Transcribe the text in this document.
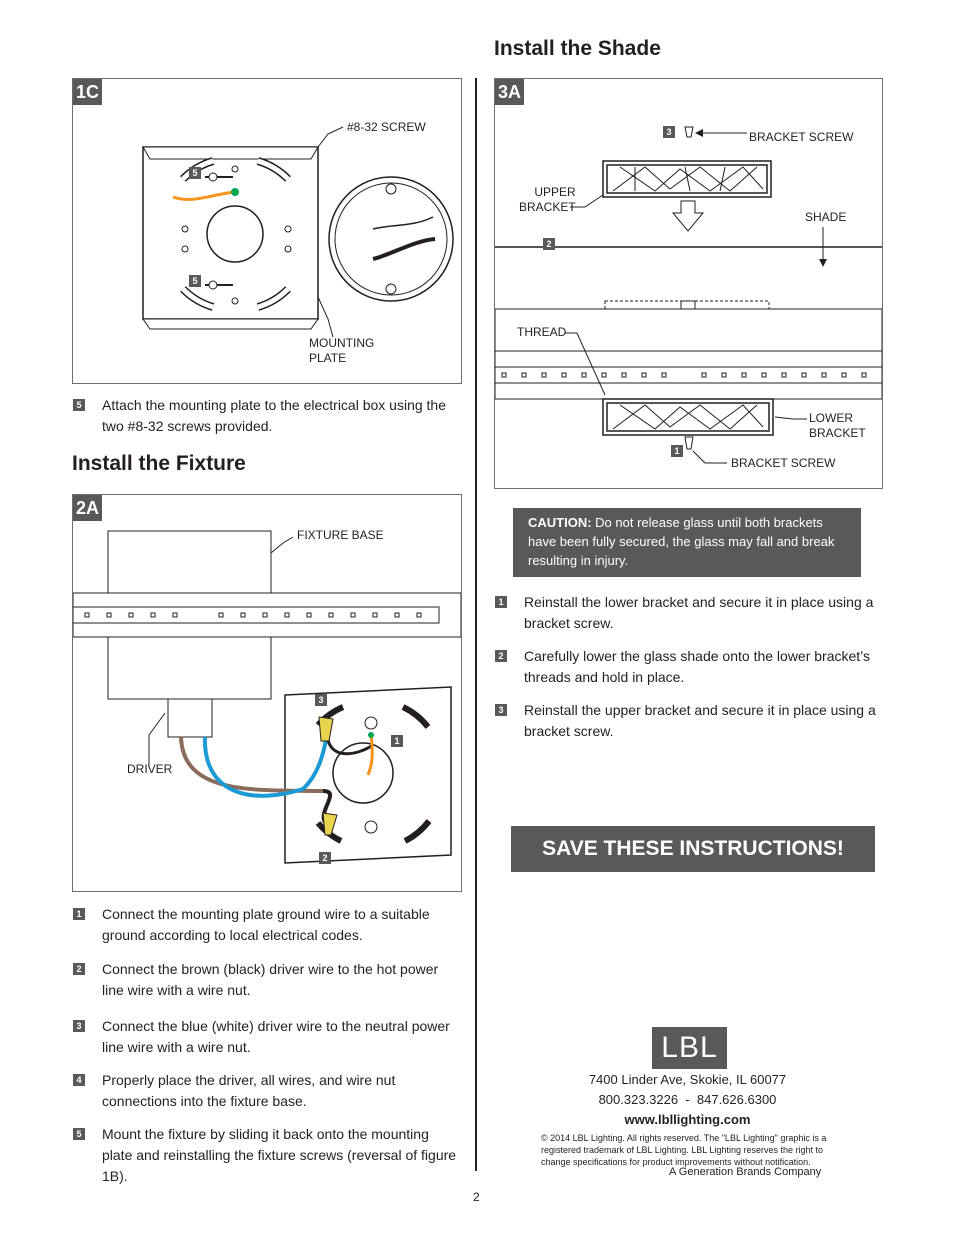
1C
#8-32 SCREW
MOUNTING
PLATE
5
5
5 Attach the mounting plate to the electrical box using the two #8-32 screws provided.
Install the Fixture
2A
FIXTURE BASE
DRIVER
3
1
2
1 Connect the mounting plate ground wire to a suitable ground according to local electrical codes.
2 Connect the brown (black) driver wire to the hot power line wire with a wire nut.
3 Connect the blue (white) driver wire to the neutral power line wire with a wire nut.
4 Properly place the driver, all wires, and wire nut connections into the fixture base.
5 Mount the fixture by sliding it back onto the mounting plate and reinstalling the fixture screws (reversal of figure 1B).
Install the Shade
3A
BRACKET SCREW
UPPER
BRACKET
SHADE
THREAD
LOWER
BRACKET
BRACKET SCREW
3
2
1
CAUTION: Do not release glass until both brackets have been fully secured, the glass may fall and break resulting in injury.
1 Reinstall the lower bracket and secure it in place using a bracket screw.
2 Carefully lower the glass shade onto the lower bracket’s threads and hold in place.
3 Reinstall the upper bracket and secure it in place using a bracket screw.
SAVE THESE INSTRUCTIONS!
LBL
7400 Linder Ave, Skokie, IL 60077
800.323.3226  -  847.626.6300
www.lbllighting.com
© 2014 LBL Lighting. All rights reserved. The "LBL Lighting" graphic is a registered trademark of LBL Lighting. LBL Lighting reserves the right to change specifications for product improvements without notification.
A Generation Brands Company
2
